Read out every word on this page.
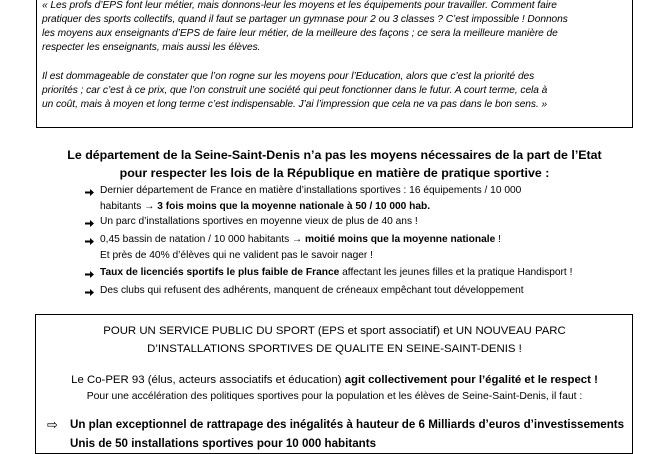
« Les profs d’EPS font leur métier, mais donnons-leur les moyens et les équipements pour travailler. Comment faire
pratiquer des sports collectifs, quand il faut se partager un gymnase pour 2 ou 3 classes ? C’est impossible ! Donnons
les moyens aux enseignants d’EPS de faire leur métier, de la meilleure des façons ; ce sera la meilleure manière de
respecter les enseignants, mais aussi les élèves.
Il est dommageable de constater que l’on rogne sur les moyens pour l’Education, alors que c’est la priorité des
priorités ; car c’est à ce prix, que l’on construit une société qui peut fonctionner dans le futur. A court terme, cela à
un coût, mais à moyen et long terme c’est indispensable. J’ai l’impression que cela ne va pas dans le bon sens. »
Le département de la Seine-Saint-Denis n’a pas les moyens nécessaires de la part de l’Etat
pour respecter les lois de la République en matière de pratique sportive :
Dernier département de France en matière d’installations sportives : 16 équipements / 10 000
habitants → 3 fois moins que la moyenne nationale à 50 / 10 000 hab.
Un parc d’installations sportives en moyenne vieux de plus de 40 ans !
0,45 bassin de natation / 10 000 habitants → moitié moins que la moyenne nationale !
Et près de 40% d’élèves qui ne valident pas le savoir nager !
Taux de licenciés sportifs le plus faible de France affectant les jeunes filles et la pratique Handisport !
Des clubs qui refusent des adhérents, manquent de créneaux empêchant tout développement
POUR UN SERVICE PUBLIC DU SPORT (EPS et sport associatif) et UN NOUVEAU PARC
D’INSTALLATIONS SPORTIVES DE QUALITE EN SEINE-SAINT-DENIS !
Le Co-PER 93 (élus, acteurs associatifs et éducation) agit collectivement pour l’égalité et le respect !
Pour une accélération des politiques sportives pour la population et les élèves de Seine-Saint-Denis, il faut :
⇨ Un plan exceptionnel de rattrapage des inégalités à hauteur de 6 Milliards d’euros d’investissements
Unis de 50 installations sportives pour 10 000 habitants
